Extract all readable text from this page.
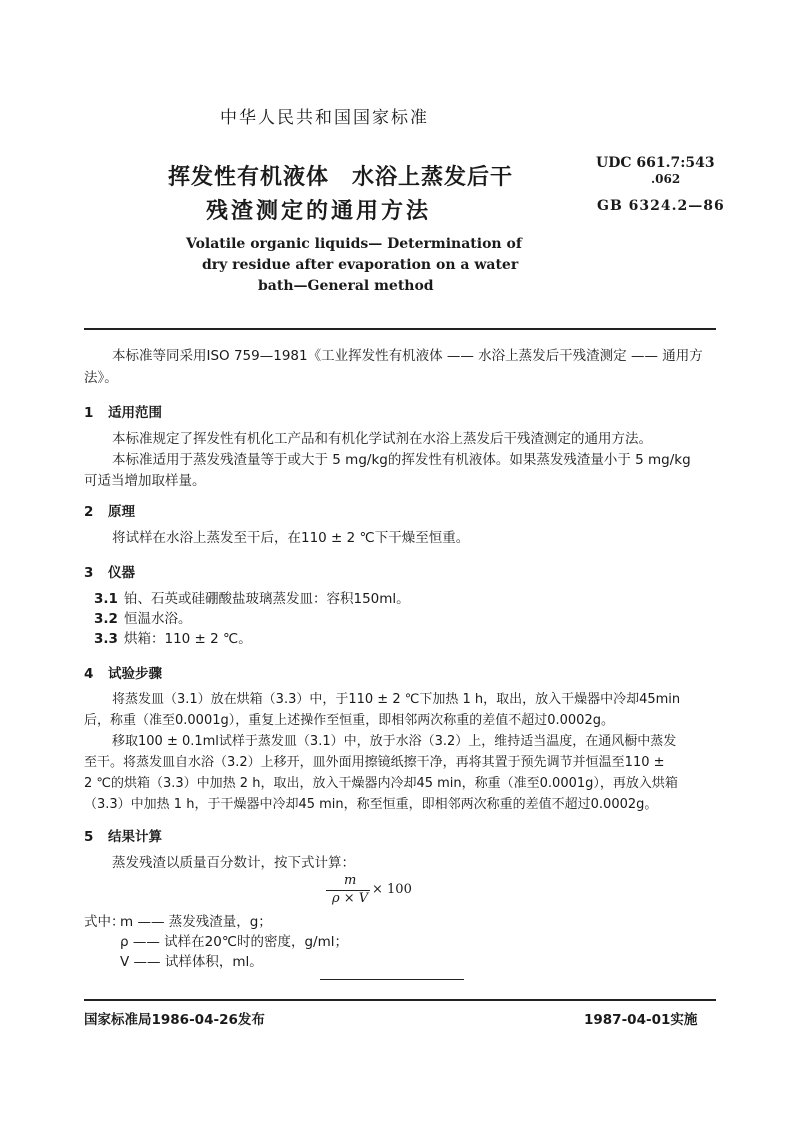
中华人民共和国国家标准
挥发性有机液体　水浴上蒸发后干
残渣测定的通用方法
UDC 661.7:543
.062
GB 6324.2—86
Volatile organic liquids— Determination of
dry residue after evaporation on a water
bath—General method
本标准等同采用ISO 759—1981《工业挥发性有机液体 —— 水浴上蒸发后干残渣测定 —— 通用方
法》。
1 适用范围
本标准规定了挥发性有机化工产品和有机化学试剂在水浴上蒸发后干残渣测定的通用方法。
本标准适用于蒸发残渣量等于或大于 5 mg/kg的挥发性有机液体。如果蒸发残渣量小于 5 mg/kg
可适当增加取样量。
2 原理
将试样在水浴上蒸发至干后，在110 ± 2 ℃下干燥至恒重。
3 仪器
3.1 铂、石英或硅硼酸盐玻璃蒸发皿：容积150ml。
3.2 恒温水浴。
3.3 烘箱：110 ± 2 ℃。
4 试验步骤
将蒸发皿（3.1）放在烘箱（3.3）中，于110 ± 2 ℃下加热 1 h，取出，放入干燥器中冷却45min
后，称重（准至0.0001g），重复上述操作至恒重，即相邻两次称重的差值不超过0.0002g。
移取100 ± 0.1ml试样于蒸发皿（3.1）中，放于水浴（3.2）上，维持适当温度，在通风橱中蒸发
至干。将蒸发皿自水浴（3.2）上移开，皿外面用擦镜纸擦干净，再将其置于预先调节并恒温至110 ±
2 ℃的烘箱（3.3）中加热 2 h，取出，放入干燥器内冷却45 min，称重（准至0.0001g），再放入烘箱
（3.3）中加热 1 h，于干燥器中冷却45 min，称至恒重，即相邻两次称重的差值不超过0.0002g。
5 结果计算
蒸发残渣以质量百分数计，按下式计算：
m
ρ × V
× 100
式中：
m —— 蒸发残渣量，g；
ρ —— 试样在20℃时的密度，g/ml；
V —— 试样体积，ml。
国家标准局1986-04-26发布	1987-04-01实施
